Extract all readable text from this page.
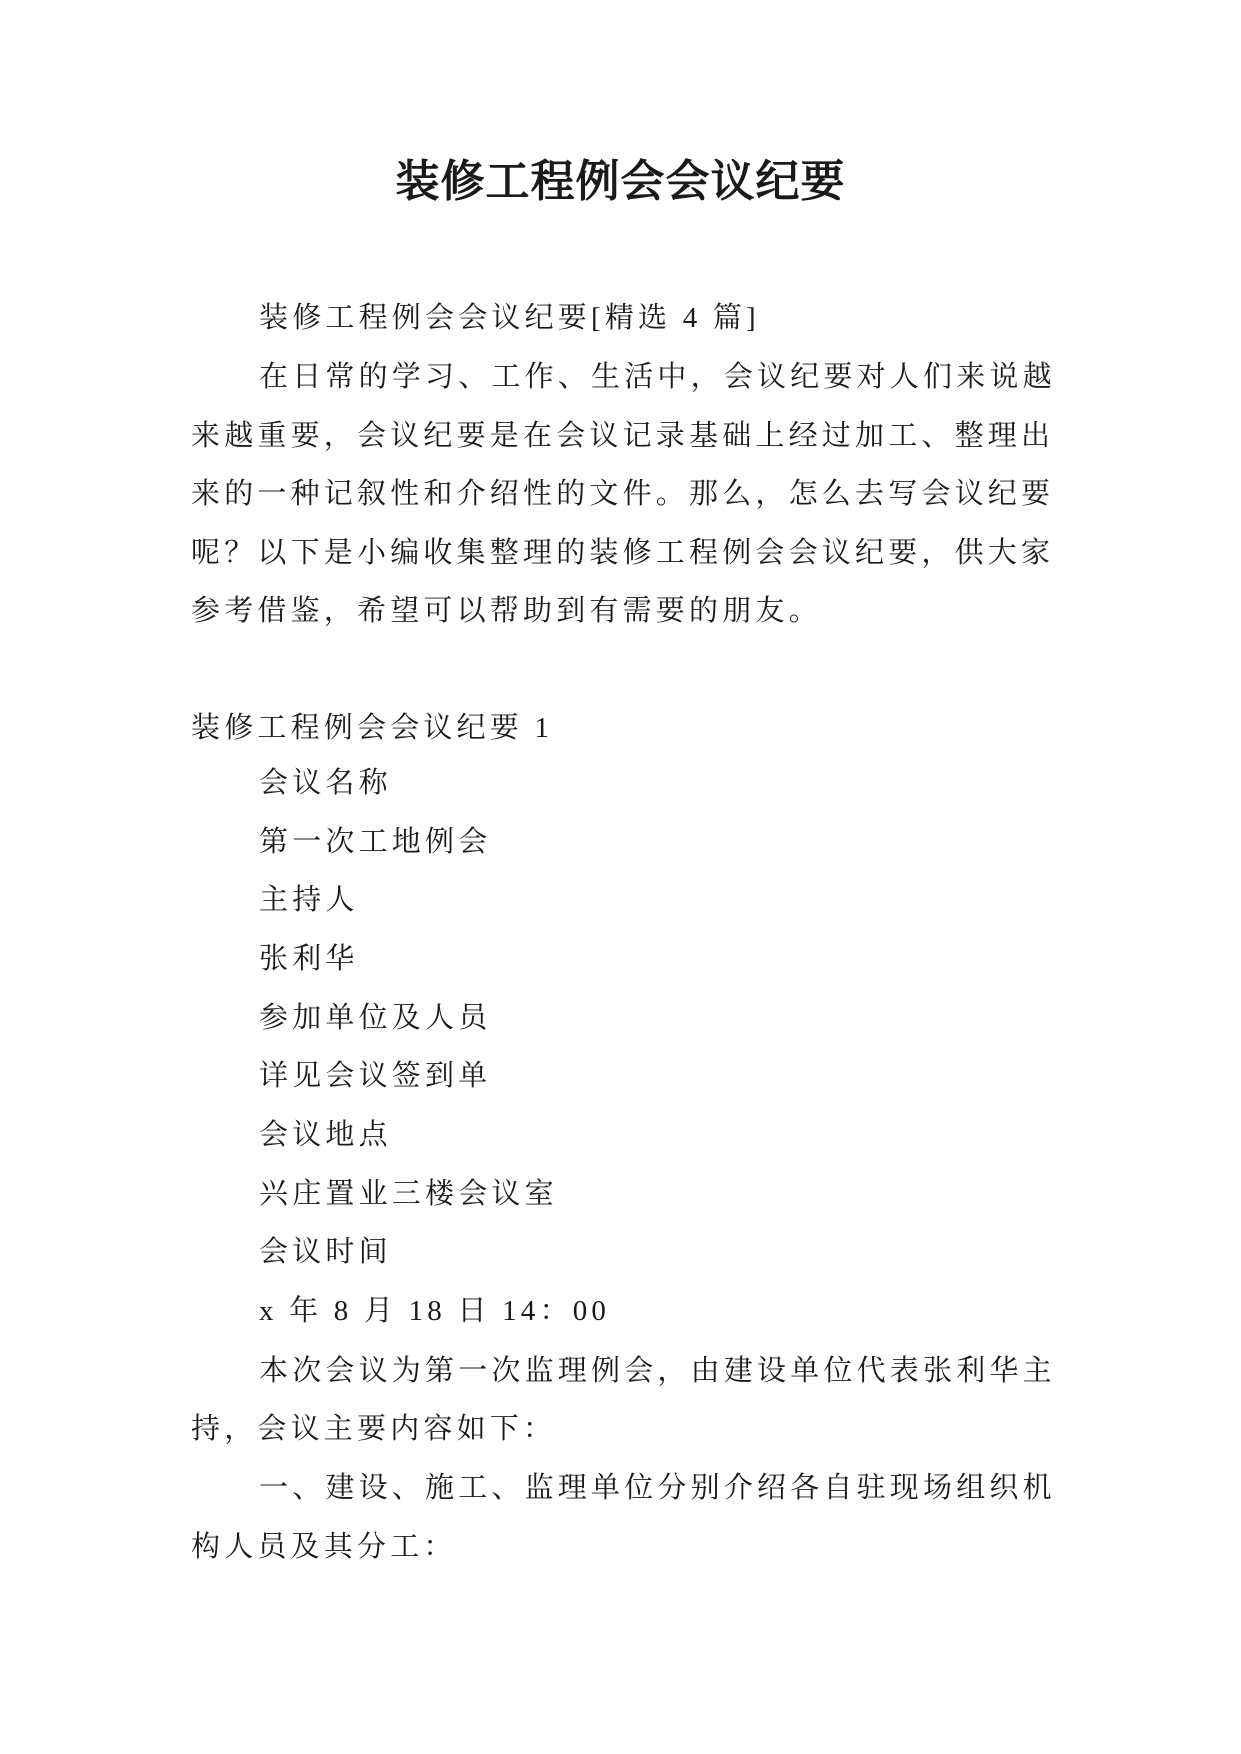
装修工程例会会议纪要
装修工程例会会议纪要[精选 4 篇]
在日常的学习、工作、生活中，会议纪要对人们来说越
来越重要，会议纪要是在会议记录基础上经过加工、整理出
来的一种记叙性和介绍性的文件。那么，怎么去写会议纪要
呢？以下是小编收集整理的装修工程例会会议纪要，供大家
参考借鉴，希望可以帮助到有需要的朋友。
装修工程例会会议纪要 1
会议名称
第一次工地例会
主持人
张利华
参加单位及人员
详见会议签到单
会议地点
兴庄置业三楼会议室
会议时间
x 年 8 月 18 日 14：00
本次会议为第一次监理例会，由建设单位代表张利华主
持，会议主要内容如下：
一、建设、施工、监理单位分别介绍各自驻现场组织机
构人员及其分工：
